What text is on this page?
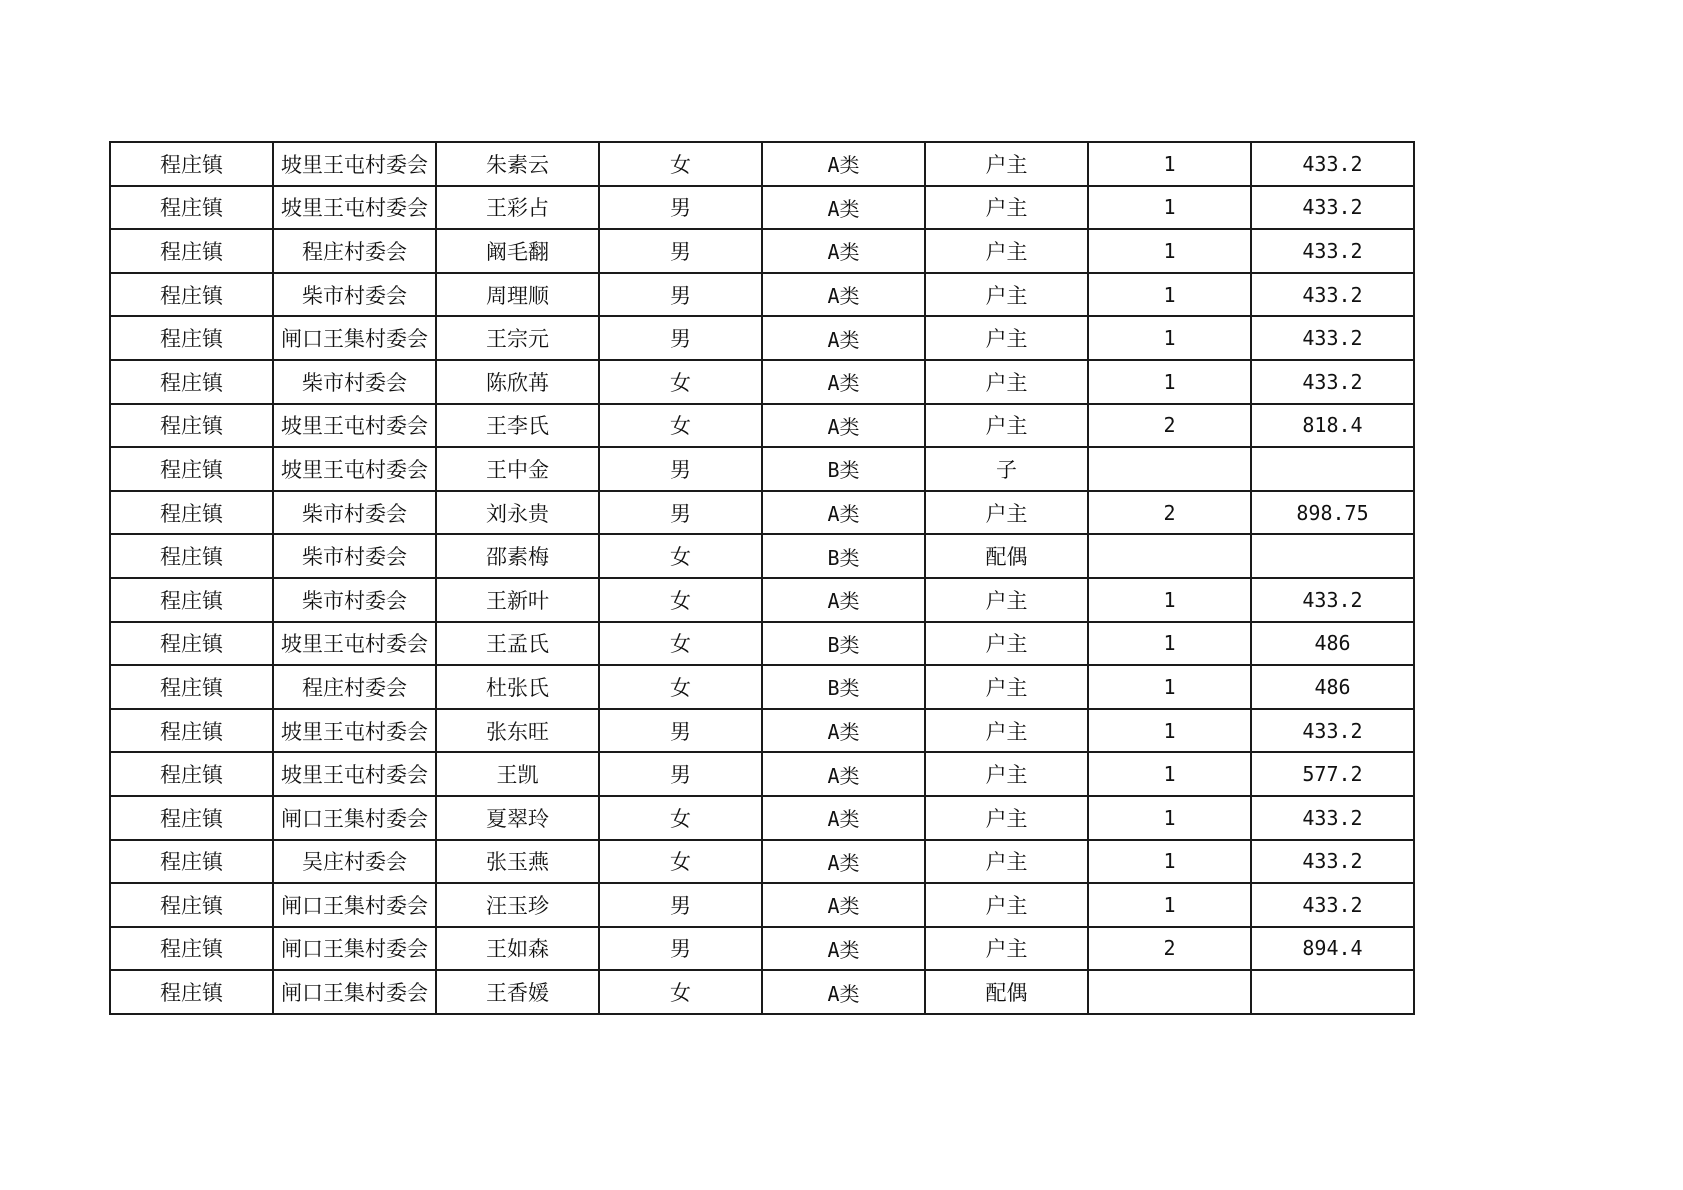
程庄镇	坡里王屯村委会	朱素云	女	A类	户主	1	433.2
程庄镇	坡里王屯村委会	王彩占	男	A类	户主	1	433.2
程庄镇	程庄村委会	阚毛翻	男	A类	户主	1	433.2
程庄镇	柴市村委会	周理顺	男	A类	户主	1	433.2
程庄镇	闸口王集村委会	王宗元	男	A类	户主	1	433.2
程庄镇	柴市村委会	陈欣苒	女	A类	户主	1	433.2
程庄镇	坡里王屯村委会	王李氏	女	A类	户主	2	818.4
程庄镇	坡里王屯村委会	王中金	男	B类	子		
程庄镇	柴市村委会	刘永贵	男	A类	户主	2	898.75
程庄镇	柴市村委会	邵素梅	女	B类	配偶		
程庄镇	柴市村委会	王新叶	女	A类	户主	1	433.2
程庄镇	坡里王屯村委会	王孟氏	女	B类	户主	1	486
程庄镇	程庄村委会	杜张氏	女	B类	户主	1	486
程庄镇	坡里王屯村委会	张东旺	男	A类	户主	1	433.2
程庄镇	坡里王屯村委会	王凯	男	A类	户主	1	577.2
程庄镇	闸口王集村委会	夏翠玲	女	A类	户主	1	433.2
程庄镇	吴庄村委会	张玉燕	女	A类	户主	1	433.2
程庄镇	闸口王集村委会	汪玉珍	男	A类	户主	1	433.2
程庄镇	闸口王集村委会	王如森	男	A类	户主	2	894.4
程庄镇	闸口王集村委会	王香媛	女	A类	配偶		
